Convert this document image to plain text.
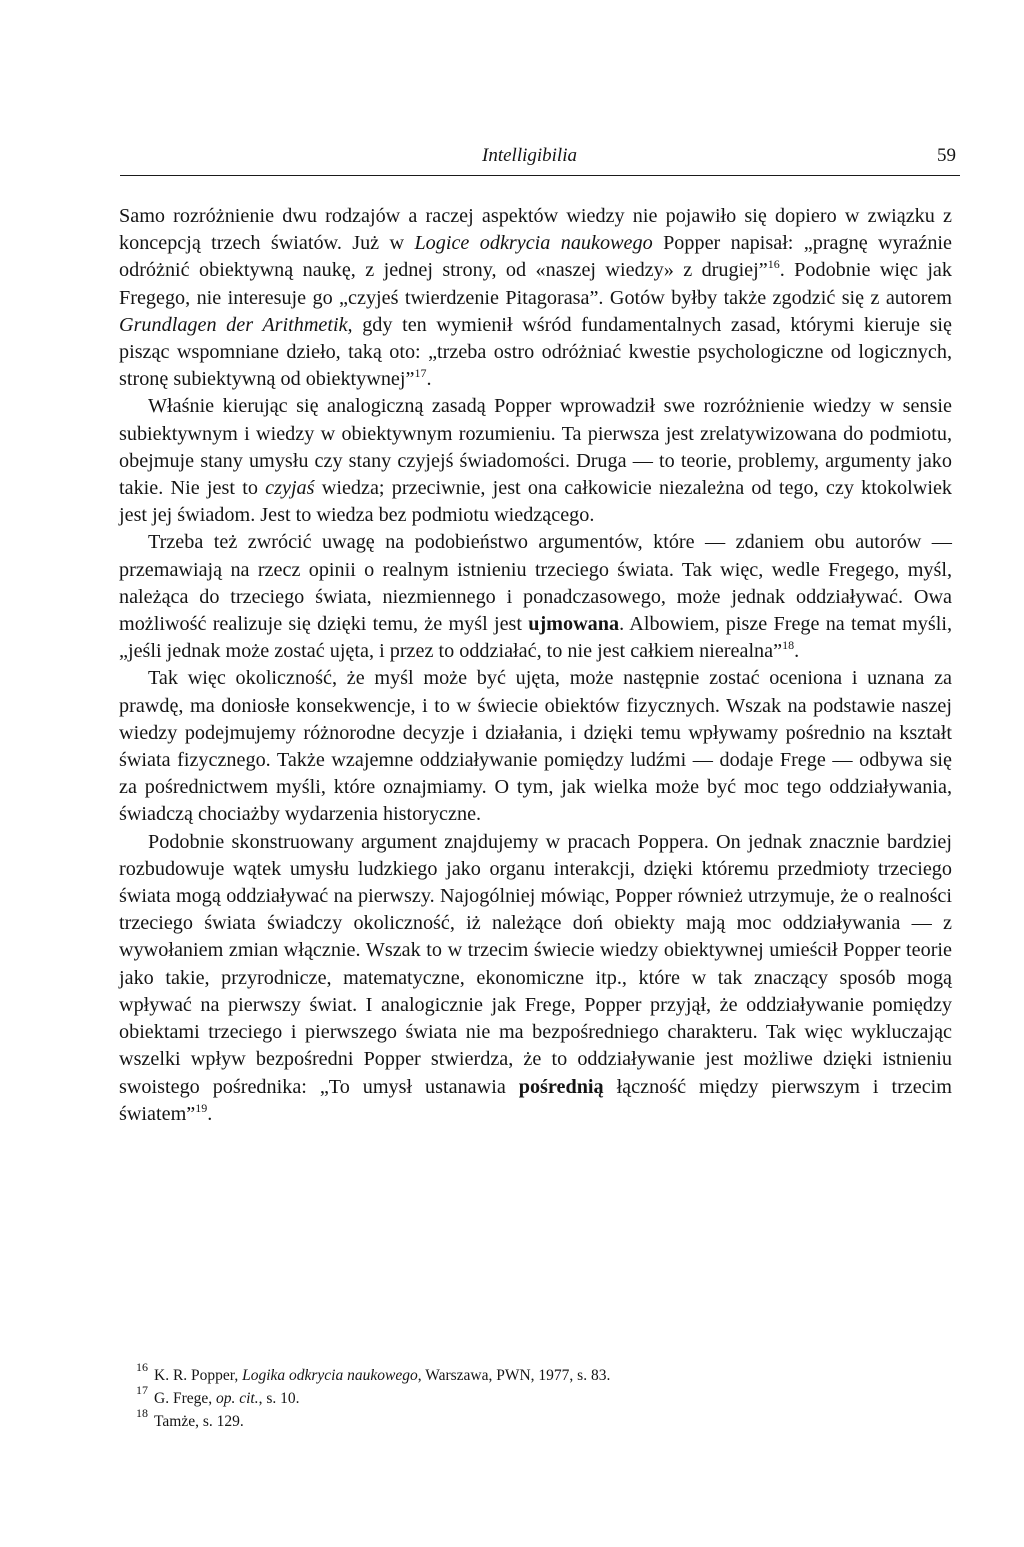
Intelligibilia	59

Samo rozróżnienie dwu rodzajów a raczej aspektów wiedzy nie pojawiło się dopiero w związku z koncepcją trzech światów. Już w Logice odkrycia naukowego Popper napisał: „pragnę wyraźnie odróżnić obiektywną naukę, z jednej strony, od «naszej wiedzy» z drugiej”$^{16}$. Podobnie więc jak Fregego, nie interesuje go „czyjeś twierdzenie Pitagorasa”. Gotów byłby także zgodzić się z autorem Grundlagen der Arithmetik, gdy ten wymienił wśród fundamentalnych zasad, którymi kieruje się pisząc wspomniane dzieło, taką oto: „trzeba ostro odróżniać kwestie psychologiczne od logicznych, stronę subiektywną od obiektywnej”$^{17}$.

Właśnie kierując się analogiczną zasadą Popper wprowadził swe rozróżnienie wiedzy w sensie subiektywnym i wiedzy w obiektywnym rozumieniu. Ta pierwsza jest zrelatywizowana do podmiotu, obejmuje stany umysłu czy stany czyjejś świadomości. Druga — to teorie, problemy, argumenty jako takie. Nie jest to czyjaś wiedza; przeciwnie, jest ona całkowicie niezależna od tego, czy ktokolwiek jest jej świadom. Jest to wiedza bez podmiotu wiedzącego.

Trzeba też zwrócić uwagę na podobieństwo argumentów, które — zdaniem obu autorów — przemawiają na rzecz opinii o realnym istnieniu trzeciego świata. Tak więc, wedle Fregego, myśl, należąca do trzeciego świata, niezmiennego i ponadczasowego, może jednak oddziaływać. Owa możliwość realizuje się dzięki temu, że myśl jest ujmowana. Albowiem, pisze Frege na temat myśli, „jeśli jednak może zostać ujęta, i przez to oddziałać, to nie jest całkiem nierealna”$^{18}$.

Tak więc okoliczność, że myśl może być ujęta, może następnie zostać oceniona i uznana za prawdę, ma doniosłe konsekwencje, i to w świecie obiektów fizycznych. Wszak na podstawie naszej wiedzy podejmujemy różnorodne decyzje i działania, i dzięki temu wpływamy pośrednio na kształt świata fizycznego. Także wzajemne oddziaływanie pomiędzy ludźmi — dodaje Frege — odbywa się za pośrednictwem myśli, które oznajmiamy. O tym, jak wielka może być moc tego oddziaływania, świadczą chociażby wydarzenia historyczne.

Podobnie skonstruowany argument znajdujemy w pracach Poppera. On jednak znacznie bardziej rozbudowuje wątek umysłu ludzkiego jako organu interakcji, dzięki któremu przedmioty trzeciego świata mogą oddziaływać na pierwszy. Najogólniej mówiąc, Popper również utrzymuje, że o realności trzeciego świata świadczy okoliczność, iż należące doń obiekty mają moc oddziaływania — z wywołaniem zmian włącznie. Wszak to w trzecim świecie wiedzy obiektywnej umieścił Popper teorie jako takie, przyrodnicze, matematyczne, ekonomiczne itp., które w tak znaczący sposób mogą wpływać na pierwszy świat. I analogicznie jak Frege, Popper przyjął, że oddziaływanie pomiędzy obiektami trzeciego i pierwszego świata nie ma bezpośredniego charakteru. Tak więc wykluczając wszelki wpływ bezpośredni Popper stwierdza, że to oddziaływanie jest możliwe dzięki istnieniu swoistego pośrednika: „To umysł ustanawia pośrednią łączność między pierwszym i trzecim światem”$^{19}$.

$^{16}$ K. R. Popper, Logika odkrycia naukowego, Warszawa, PWN, 1977, s. 83.
$^{17}$ G. Frege, op. cit., s. 10.
$^{18}$ Tamże, s. 129.
